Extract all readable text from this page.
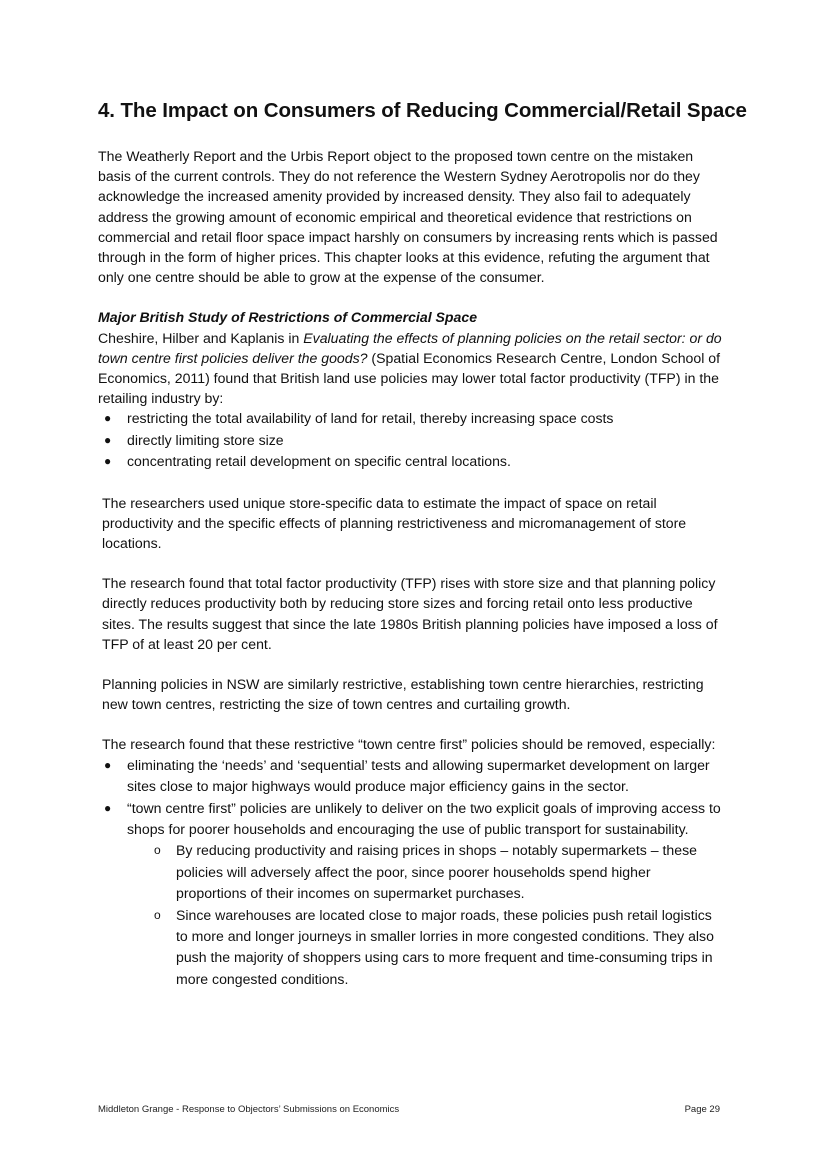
4. The Impact on Consumers of Reducing Commercial/Retail Space

The Weatherly Report and the Urbis Report object to the proposed town centre on the mistaken basis of the current controls. They do not reference the Western Sydney Aerotropolis nor do they acknowledge the increased amenity provided by increased density. They also fail to adequately address the growing amount of economic empirical and theoretical evidence that restrictions on commercial and retail floor space impact harshly on consumers by increasing rents which is passed through in the form of higher prices. This chapter looks at this evidence, refuting the argument that only one centre should be able to grow at the expense of the consumer.

Major British Study of Restrictions of Commercial Space

Cheshire, Hilber and Kaplanis in Evaluating the effects of planning policies on the retail sector: or do town centre first policies deliver the goods? (Spatial Economics Research Centre, London School of Economics, 2011) found that British land use policies may lower total factor productivity (TFP) in the retailing industry by:

● restricting the total availability of land for retail, thereby increasing space costs
● directly limiting store size
● concentrating retail development on specific central locations.

The researchers used unique store-specific data to estimate the impact of space on retail productivity and the specific effects of planning restrictiveness and micromanagement of store locations.

The research found that total factor productivity (TFP) rises with store size and that planning policy directly reduces productivity both by reducing store sizes and forcing retail onto less productive sites. The results suggest that since the late 1980s British planning policies have imposed a loss of TFP of at least 20 per cent.

Planning policies in NSW are similarly restrictive, establishing town centre hierarchies, restricting new town centres, restricting the size of town centres and curtailing growth.

The research found that these restrictive “town centre first” policies should be removed, especially:

● eliminating the ‘needs’ and ‘sequential’ tests and allowing supermarket development on larger sites close to major highways would produce major efficiency gains in the sector.
● “town centre first” policies are unlikely to deliver on the two explicit goals of improving access to shops for poorer households and encouraging the use of public transport for sustainability.
o By reducing productivity and raising prices in shops – notably supermarkets – these policies will adversely affect the poor, since poorer households spend higher proportions of their incomes on supermarket purchases.
o Since warehouses are located close to major roads, these policies push retail logistics to more and longer journeys in smaller lorries in more congested conditions. They also push the majority of shoppers using cars to more frequent and time-consuming trips in more congested conditions.
Middleton Grange - Response to Objectors’ Submissions on Economics	Page 29
